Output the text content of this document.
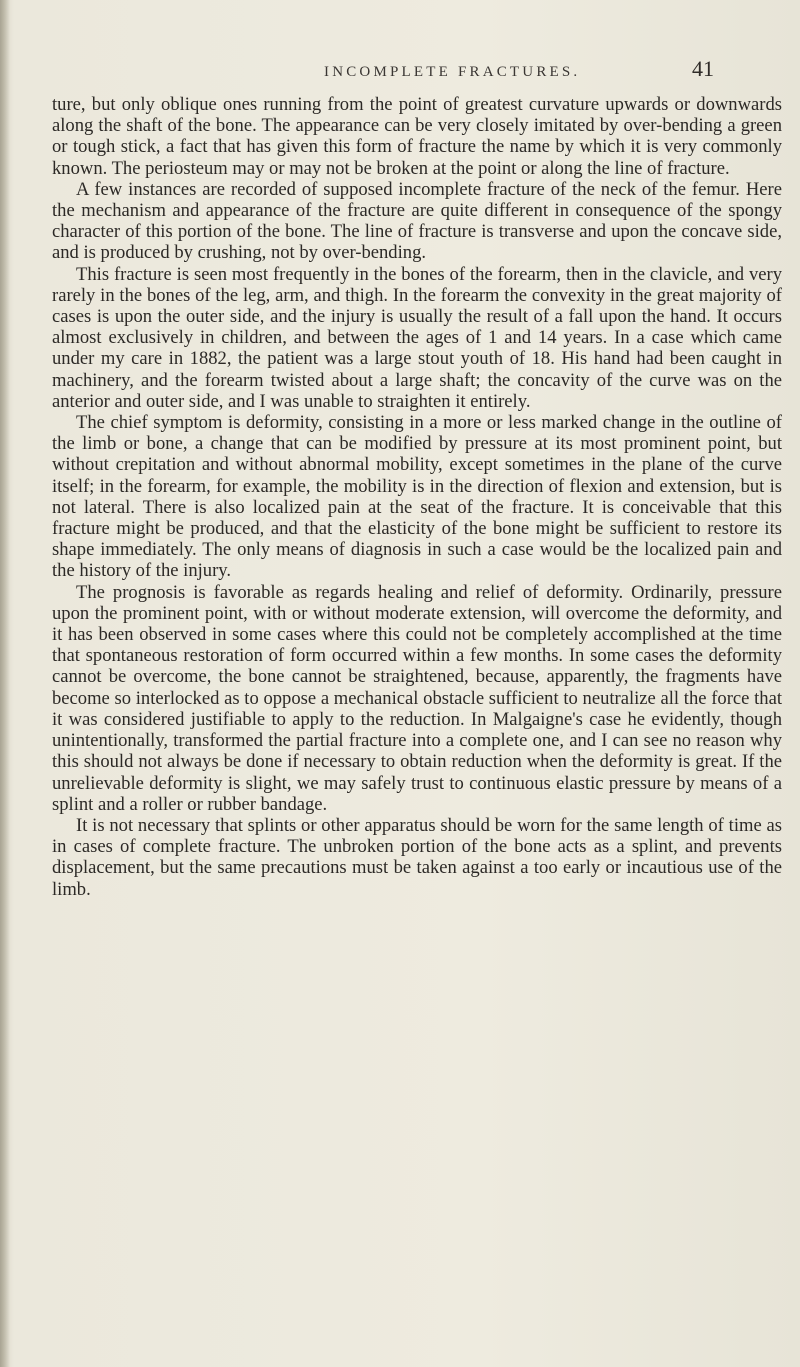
INCOMPLETE FRACTURES.	41

ture, but only oblique ones running from the point of greatest curvature upwards or downwards along the shaft of the bone. The appearance can be very closely imitated by over-bending a green or tough stick, a fact that has given this form of fracture the name by which it is very commonly known. The periosteum may or may not be broken at the point or along the line of fracture.

A few instances are recorded of supposed incomplete fracture of the neck of the femur. Here the mechanism and appearance of the fracture are quite different in consequence of the spongy character of this portion of the bone. The line of fracture is transverse and upon the concave side, and is produced by crushing, not by over-bending.

This fracture is seen most frequently in the bones of the forearm, then in the clavicle, and very rarely in the bones of the leg, arm, and thigh. In the forearm the convexity in the great majority of cases is upon the outer side, and the injury is usually the result of a fall upon the hand. It occurs almost exclusively in children, and between the ages of 1 and 14 years. In a case which came under my care in 1882, the patient was a large stout youth of 18. His hand had been caught in machinery, and the forearm twisted about a large shaft; the concavity of the curve was on the anterior and outer side, and I was unable to straighten it entirely.

The chief symptom is deformity, consisting in a more or less marked change in the outline of the limb or bone, a change that can be modified by pressure at its most prominent point, but without crepitation and without abnormal mobility, except sometimes in the plane of the curve itself; in the forearm, for example, the mobility is in the direction of flexion and extension, but is not lateral. There is also localized pain at the seat of the fracture. It is conceivable that this fracture might be produced, and that the elasticity of the bone might be sufficient to restore its shape immediately. The only means of diagnosis in such a case would be the localized pain and the history of the injury.

The prognosis is favorable as regards healing and relief of deformity. Ordinarily, pressure upon the prominent point, with or without moderate extension, will overcome the deformity, and it has been observed in some cases where this could not be completely accomplished at the time that spontaneous restoration of form occurred within a few months. In some cases the deformity cannot be overcome, the bone cannot be straightened, because, apparently, the fragments have become so interlocked as to oppose a mechanical obstacle sufficient to neutralize all the force that it was considered justifiable to apply to the reduction. In Malgaigne's case he evidently, though unintentionally, transformed the partial fracture into a complete one, and I can see no reason why this should not always be done if necessary to obtain reduction when the deformity is great. If the unrelievable deformity is slight, we may safely trust to continuous elastic pressure by means of a splint and a roller or rubber bandage.

It is not necessary that splints or other apparatus should be worn for the same length of time as in cases of complete fracture. The unbroken portion of the bone acts as a splint, and prevents displacement, but the same precautions must be taken against a too early or incautious use of the limb.
